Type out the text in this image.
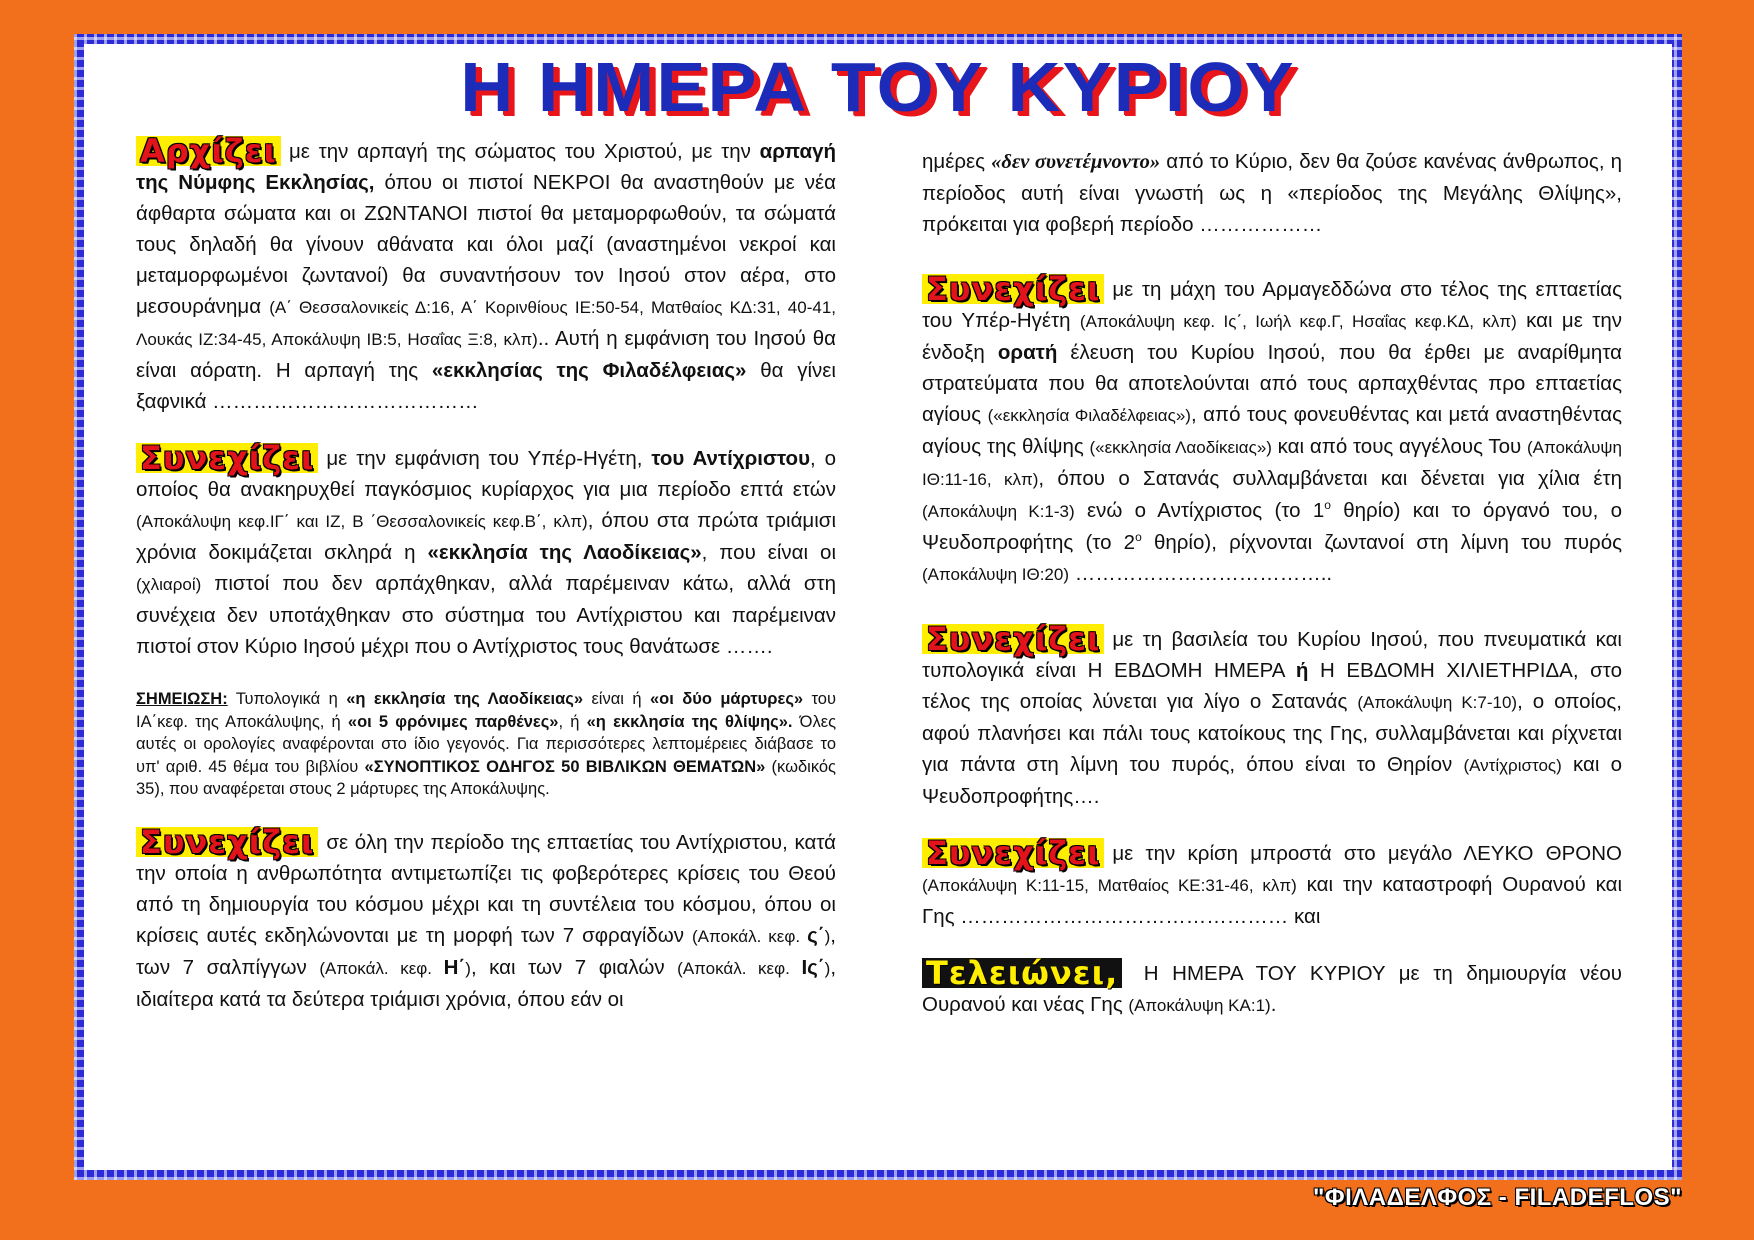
Η ΗΜΕΡΑ ΤΟΥ ΚΥΡΙΟΥ

Αρχίζει με την αρπαγή της σώματος του Χριστού, με την αρπαγή της Νύμφης Εκκλησίας, όπου οι πιστοί ΝΕΚΡΟΙ θα αναστηθούν με νέα άφθαρτα σώματα και οι ΖΩΝΤΑΝΟΙ πιστοί θα μεταμορφωθούν, τα σώματά τους δηλαδή θα γίνουν αθάνατα και όλοι μαζί (αναστημένοι νεκροί και μεταμορφωμένοι ζωντανοί) θα συναντήσουν τον Ιησού στον αέρα, στο μεσουράνημα (Α΄ Θεσσαλονικείς Δ:16, Α΄ Κορινθίους ΙΕ:50-54, Ματθαίος ΚΔ:31, 40-41, Λουκάς ΙΖ:34-45, Αποκάλυψη ΙΒ:5, Ησαΐας Ξ:8, κλπ).. Αυτή η εμφάνιση του Ιησού θα είναι αόρατη. Η αρπαγή της «εκκλησίας της Φιλαδέλφειας» θα γίνει ξαφνικά …………………………………

Συνεχίζει με την εμφάνιση του Υπέρ-Ηγέτη, του Αντίχριστου, ο οποίος θα ανακηρυχθεί παγκόσμιος κυρίαρχος για μια περίοδο επτά ετών (Αποκάλυψη κεφ.ΙΓ΄ και ΙΖ, Β ΄Θεσσαλονικείς κεφ.Β΄, κλπ), όπου στα πρώτα τριάμισι χρόνια δοκιμάζεται σκληρά η «εκκλησία της Λαοδίκειας», που είναι οι (χλιαροί) πιστοί που δεν αρπάχθηκαν, αλλά παρέμειναν κάτω, αλλά στη συνέχεια δεν υποτάχθηκαν στο σύστημα του Αντίχριστου και παρέμειναν πιστοί στον Κύριο Ιησού μέχρι που ο Αντίχριστος τους θανάτωσε …….

ΣΗΜΕΙΩΣΗ: Τυπολογικά η «η εκκλησία της Λαοδίκειας» είναι ή «οι δύο μάρτυρες» του ΙΑ΄κεφ. της Αποκάλυψης, ή «οι 5 φρόνιμες παρθένες», ή «η εκκλησία της θλίψης». Όλες αυτές οι ορολογίες αναφέρονται στο ίδιο γεγονός. Για περισσότερες λεπτομέρειες διάβασε το υπ' αριθ. 45 θέμα του βιβλίου «ΣΥΝΟΠΤΙΚΟΣ ΟΔΗΓΟΣ 50 ΒΙΒΛΙΚΩΝ ΘΕΜΑΤΩΝ» (κωδικός 35), που αναφέρεται στους 2 μάρτυρες της Αποκάλυψης.

Συνεχίζει σε όλη την περίοδο της επταετίας του Αντίχριστου, κατά την οποία η ανθρωπότητα αντιμετωπίζει τις φοβερότερες κρίσεις του Θεού από τη δημιουργία του κόσμου μέχρι και τη συντέλεια του κόσμου, όπου οι κρίσεις αυτές εκδηλώνονται με τη μορφή των 7 σφραγίδων (Αποκάλ. κεφ. ς΄), των 7 σαλπίγγων (Αποκάλ. κεφ. Η΄), και των 7 φιαλών (Αποκάλ. κεφ. Ις΄), ιδιαίτερα κατά τα δεύτερα τριάμισι χρόνια, όπου εάν οι

ημέρες «δεν συνετέμνοντο» από το Κύριο, δεν θα ζούσε κανένας άνθρωπος, η περίοδος αυτή είναι γνωστή ως η «περίοδος της Μεγάλης Θλίψης», πρόκειται για φοβερή περίοδο ………………

Συνεχίζει με τη μάχη του Αρμαγεδδώνα στο τέλος της επταετίας του Υπέρ-Ηγέτη (Αποκάλυψη κεφ. Ις΄, Ιωήλ κεφ.Γ, Ησαΐας κεφ.ΚΔ, κλπ) και με την ένδοξη ορατή έλευση του Κυρίου Ιησού, που θα έρθει με αναρίθμητα στρατεύματα που θα αποτελούνται από τους αρπαχθέντας προ επταετίας αγίους («εκκλησία Φιλαδέλφειας»), από τους φονευθέντας και μετά αναστηθέντας αγίους της θλίψης («εκκλησία Λαοδίκειας») και από τους αγγέλους Του (Αποκάλυψη ΙΘ:11-16, κλπ), όπου ο Σατανάς συλλαμβάνεται και δένεται για χίλια έτη (Αποκάλυψη Κ:1-3) ενώ ο Αντίχριστος (το $1^o$ θηρίο) και το όργανό του, ο Ψευδοπροφήτης (το $2^o$ θηρίο), ρίχνονται ζωντανοί στη λίμνη του πυρός (Αποκάλυψη ΙΘ:20) ………………………………..

Συνεχίζει με τη βασιλεία του Κυρίου Ιησού, που πνευματικά και τυπολογικά είναι Η ΕΒΔΟΜΗ ΗΜΕΡΑ ή Η ΕΒΔΟΜΗ ΧΙΛΙΕΤΗΡΙΔΑ, στο τέλος της οποίας λύνεται για λίγο ο Σατανάς (Αποκάλυψη Κ:7-10), ο οποίος, αφού πλανήσει και πάλι τους κατοίκους της Γης, συλλαμβάνεται και ρίχνεται για πάντα στη λίμνη του πυρός, όπου είναι το Θηρίον (Αντίχριστος) και ο Ψευδοπροφήτης….

Συνεχίζει με την κρίση μπροστά στο μεγάλο ΛΕΥΚΟ ΘΡΟΝΟ (Αποκάλυψη Κ:11-15, Ματθαίος ΚΕ:31-46, κλπ) και την καταστροφή Ουρανού και Γης ………………………………………… και

Τελειώνει, Η ΗΜΕΡΑ ΤΟΥ ΚΥΡΙΟΥ με τη δημιουργία νέου Ουρανού και νέας Γης (Αποκάλυψη ΚΑ:1).

"ΦΙΛΑΔΕΛΦΟΣ - FILADEFLOS"
